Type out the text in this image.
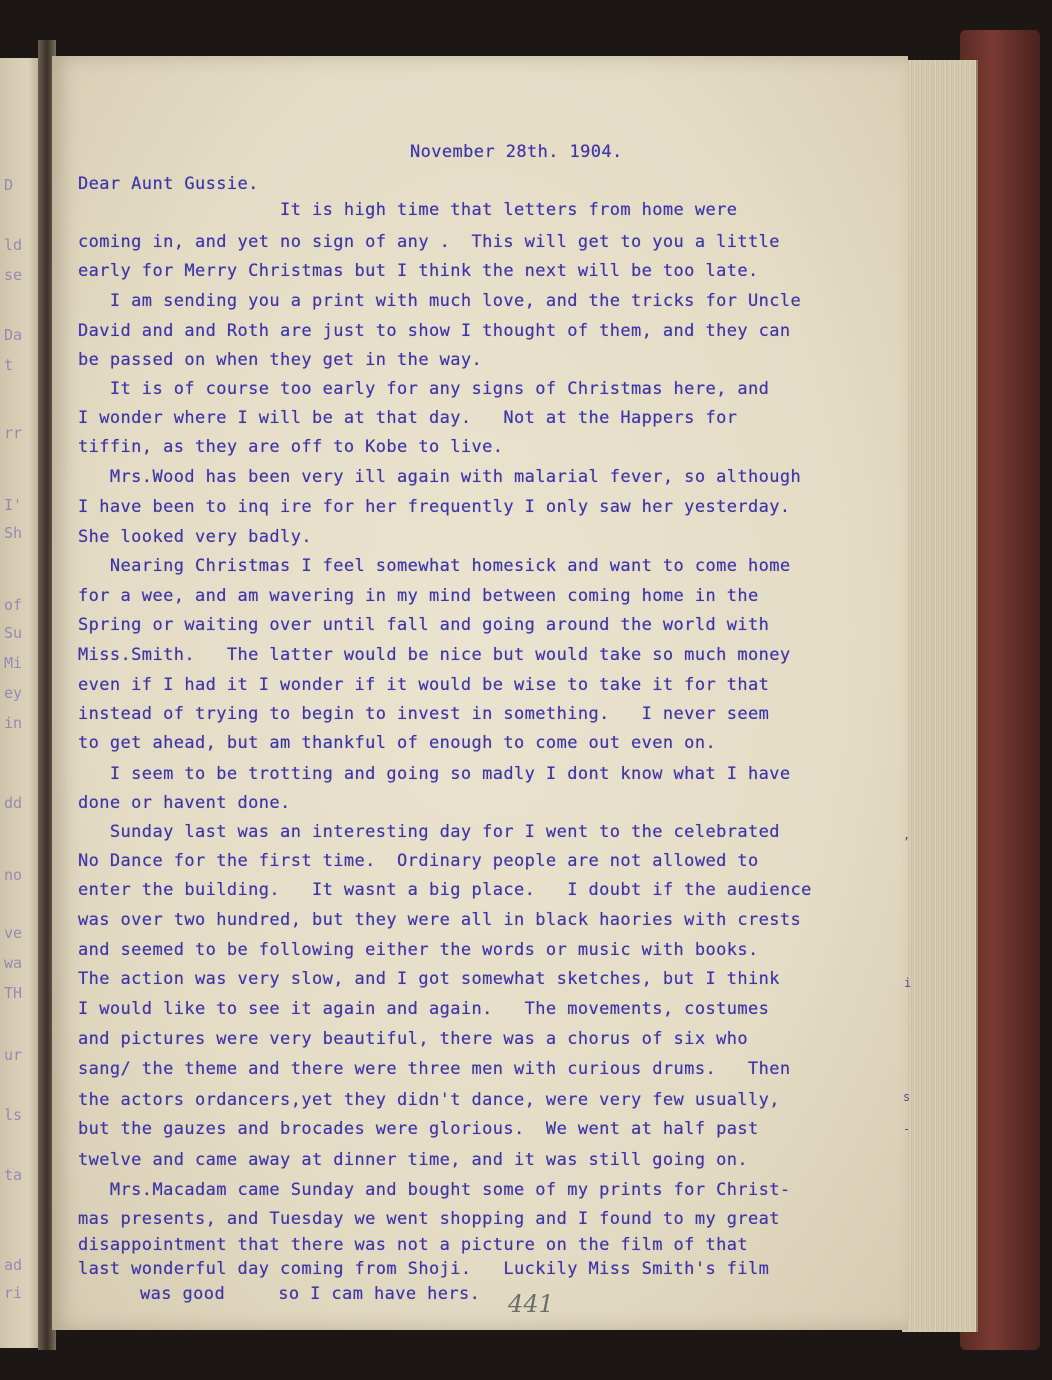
D
ld
se
Da
t
rr
I'
Sh
of
Su
Mi
ey
in
dd
no
ve
wa
TH
ur
ls
ta
ad
ri
November 28th. 1904.
Dear Aunt Gussie.
It is high time that letters from home were
coming in, and yet no sign of any .  This will get to you a little
early for Merry Christmas but I think the next will be too late.
I am sending you a print with much love, and the tricks for Uncle
David and and Roth are just to show I thought of them, and they can
be passed on when they get in the way.
It is of course too early for any signs of Christmas here, and
I wonder where I will be at that day.   Not at the Happers for
tiffin, as they are off to Kobe to live.
Mrs.Wood has been very ill again with malarial fever, so although
I have been to inq ire for her frequently I only saw her yesterday.
She looked very badly.
Nearing Christmas I feel somewhat homesick and want to come home
for a wee, and am wavering in my mind between coming home in the
Spring or waiting over until fall and going around the world with
Miss.Smith.   The latter would be nice but would take so much money
even if I had it I wonder if it would be wise to take it for that
instead of trying to begin to invest in something.   I never seem
to get ahead, but am thankful of enough to come out even on.
I seem to be trotting and going so madly I dont know what I have
done or havent done.
Sunday last was an interesting day for I went to the celebrated
No Dance for the first time.  Ordinary people are not allowed to
enter the building.   It wasnt a big place.   I doubt if the audience
was over two hundred, but they were all in black haories with crests
and seemed to be following either the words or music with books.
The action was very slow, and I got somewhat sketches, but I think
I would like to see it again and again.   The movements, costumes
and pictures were very beautiful, there was a chorus of six who
sang/ the theme and there were three men with curious drums.   Then
the actors ordancers,yet they didn't dance, were very few usually,
but the gauzes and brocades were glorious.  We went at half past
twelve and came away at dinner time, and it was still going on.
Mrs.Macadam came Sunday and bought some of my prints for Christ-
mas presents, and Tuesday we went shopping and I found to my great
disappointment that there was not a picture on the film of that
last wonderful day coming from Shoji.   Luckily Miss Smith's film
was good     so I cam have hers.
,
i
s
-
441
